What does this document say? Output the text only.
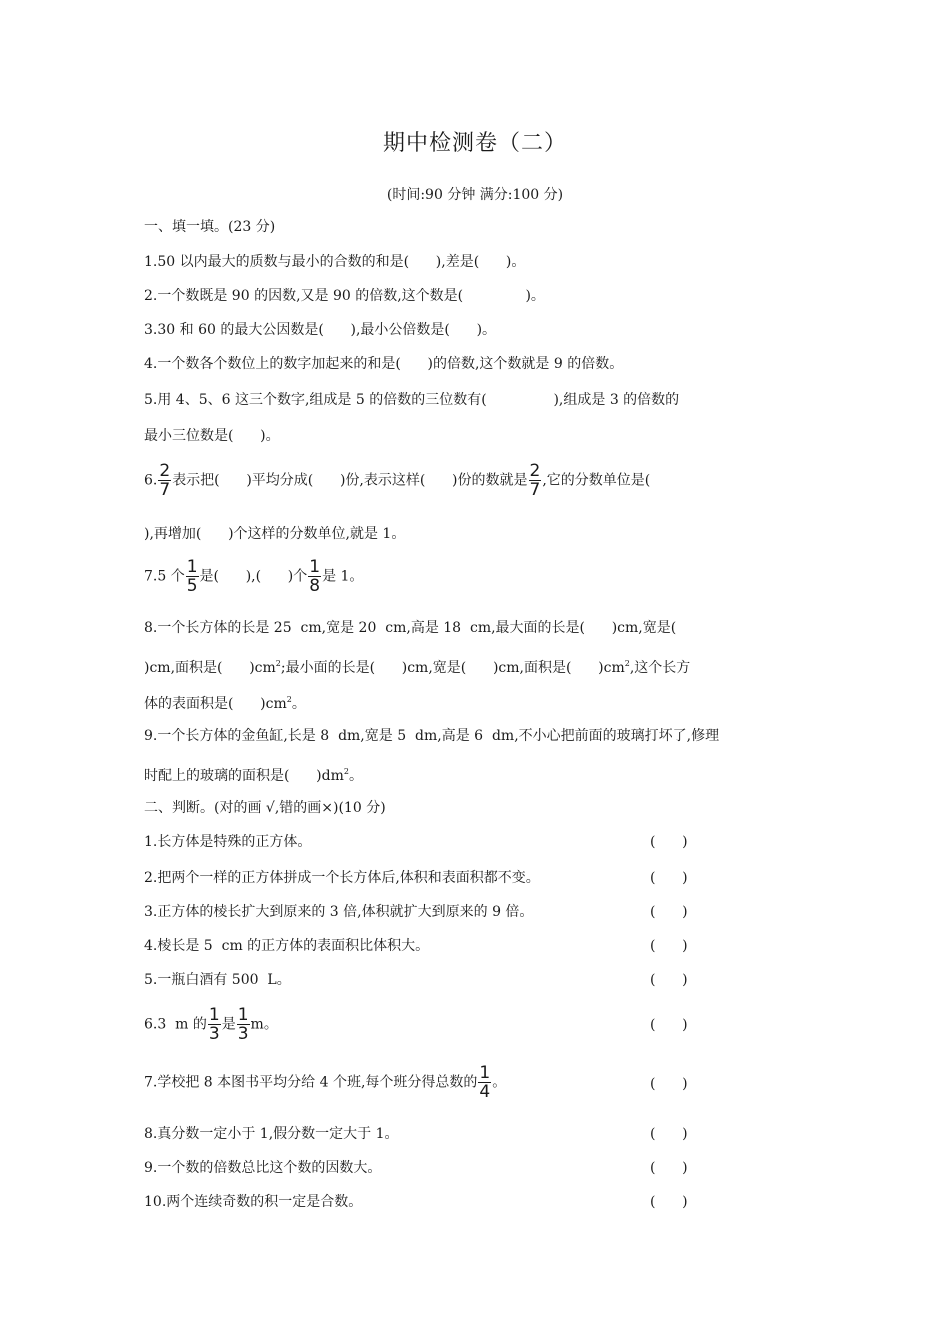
期中检测卷（二）
(时间:90 分钟 满分:100 分)
一、填一填。(23 分)
1.50 以内最大的质数与最小的合数的和是(      ),差是(      )。
2.一个数既是 90 的因数,又是 90 的倍数,这个数是(              )。
3.30 和 60 的最大公因数是(      ),最小公倍数是(      )。
4.一个数各个数位上的数字加起来的和是(      )的倍数,这个数就是 9 的倍数。
5.用 4、5、6 这三个数字,组成是 5 的倍数的三位数有(               ),组成是 3 的倍数的
最小三位数是(      )。
6. $\frac{2}{7}$ 表示把(      )平均分成(      )份,表示这样(      )份的数就是 $\frac{2}{7}$ ,它的分数单位是(
),再增加(      )个这样的分数单位,就是 1。
7.5 个 $\frac{1}{5}$ 是(      ),(      )个 $\frac{1}{8}$ 是 1。
8.一个长方体的长是 25  cm,宽是 20  cm,高是 18  cm,最大面的长是(      )cm,宽是(
)cm,面积是(      )$cm^2$;最小面的长是(      )cm,宽是(      )cm,面积是(      )$cm^2$,这个长方
体的表面积是(      )$cm^2$。
9.一个长方体的金鱼缸,长是 8  dm,宽是 5  dm,高是 6  dm,不小心把前面的玻璃打坏了,修理
时配上的玻璃的面积是(      )$dm^2$。
二、判断。(对的画 √,错的画×)(10 分)
1.长方体是特殊的正方体。	(      )
2.把两个一样的正方体拼成一个长方体后,体积和表面积都不变。	(      )
3.正方体的棱长扩大到原来的 3 倍,体积就扩大到原来的 9 倍。	(      )
4.棱长是 5  cm 的正方体的表面积比体积大。	(      )
5.一瓶白酒有 500  L。	(      )
6.3  m 的 $\frac{1}{3}$ 是 $\frac{1}{3}$ m。	(      )
7.学校把 8 本图书平均分给 4 个班,每个班分得总数的 $\frac{1}{4}$ 。	(      )
8.真分数一定小于 1,假分数一定大于 1。	(      )
9.一个数的倍数总比这个数的因数大。	(      )
10.两个连续奇数的积一定是合数。	(      )
